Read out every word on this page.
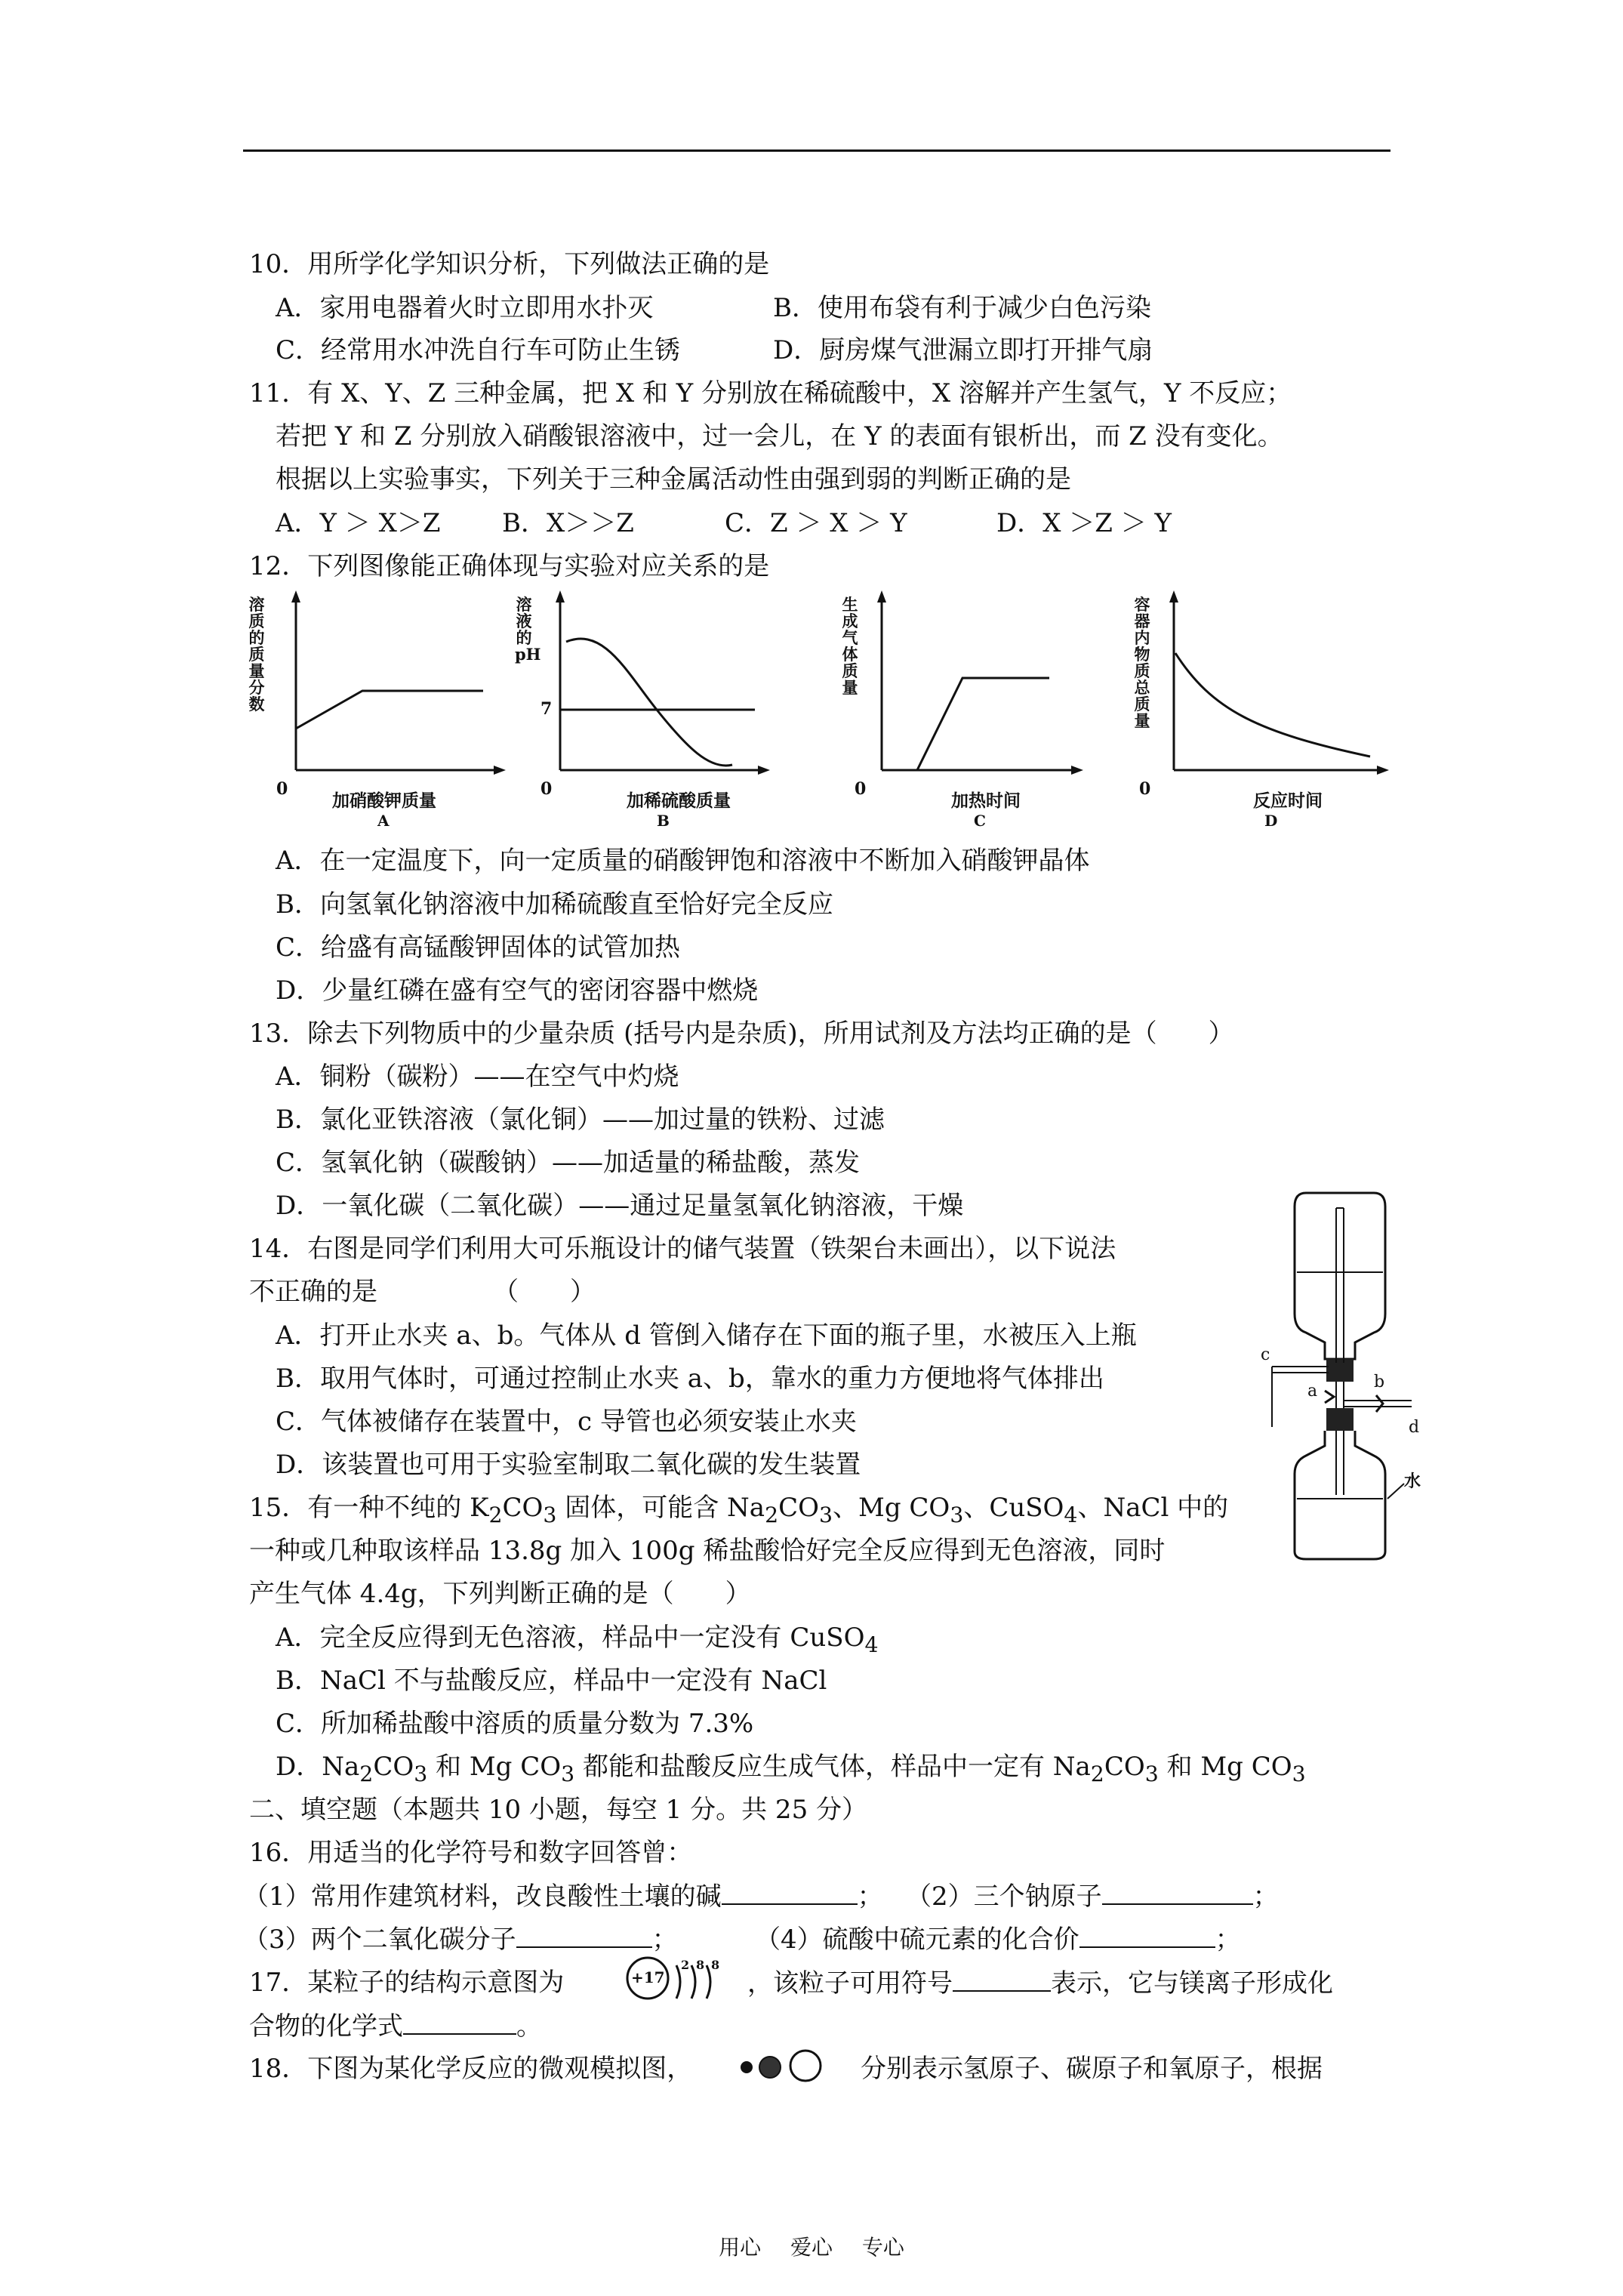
10．用所学化学知识分析，下列做法正确的是
A．家用电器着火时立即用水扑灭	B．使用布袋有利于减少白色污染
C．经常用水冲洗自行车可防止生锈	D．厨房煤气泄漏立即打开排气扇
11．有 X、Y、Z 三种金属，把 X 和 Y 分别放在稀硫酸中，X 溶解并产生氢气，Y 不反应；
若把 Y 和 Z 分别放入硝酸银溶液中，过一会儿，在 Y 的表面有银析出，而 Z 没有变化。
根据以上实验事实，下列关于三种金属活动性由强到弱的判断正确的是
A．Y ＞ X＞Z B．X＞＞Z	C．Z ＞ X ＞ Y	D．X ＞Z ＞ Y
12．下列图像能正确体现与实验对应关系的是
溶质的质量分数
0
加硝酸钾质量
A
溶液的pH
7
0
加稀硫酸质量
B
生成气体质量
0
加热时间
C
容器内物质总质量
0
反应时间
D
A．在一定温度下，向一定质量的硝酸钾饱和溶液中不断加入硝酸钾晶体
B．向氢氧化钠溶液中加稀硫酸直至恰好完全反应
C．给盛有高锰酸钾固体的试管加热
D．少量红磷在盛有空气的密闭容器中燃烧
13．除去下列物质中的少量杂质 (括号内是杂质)，所用试剂及方法均正确的是（　　）
A．铜粉（碳粉）——在空气中灼烧
B．氯化亚铁溶液（氯化铜）——加过量的铁粉、过滤
C．氢氧化钠（碳酸钠）——加适量的稀盐酸，蒸发
D．一氧化碳（二氧化碳）——通过足量氢氧化钠溶液，干燥
14．右图是同学们利用大可乐瓶设计的储气装置（铁架台未画出），以下说法
不正确的是　　　　　（　　）
A．打开止水夹 a、b。气体从 d 管倒入储存在下面的瓶子里，水被压入上瓶
B．取用气体时，可通过控制止水夹 a、b，靠水的重力方便地将气体排出
C．气体被储存在装置中，c 导管也必须安装止水夹
D．该装置也可用于实验室制取二氧化碳的发生装置
c
a	b
d
水
15．有一种不纯的 $K_2CO_3$ 固体，可能含 $Na_2CO_3$、Mg $CO_3$、CuSO$_4$、NaCl 中的
一种或几种取该样品 13.8g 加入 100g 稀盐酸恰好完全反应得到无色溶液，同时
产生气体 4.4g，下列判断正确的是（　　）
A．完全反应得到无色溶液，样品中一定没有 CuSO$_4$
B．NaCl 不与盐酸反应，样品中一定没有 NaCl
C．所加稀盐酸中溶质的质量分数为 7.3%
D．$Na_2CO_3$ 和 Mg $CO_3$ 都能和盐酸反应生成气体，样品中一定有 $Na_2CO_3$ 和 Mg $CO_3$
二、填空题（本题共 10 小题，每空 1 分。共 25 分）
16．用适当的化学符号和数字回答曾：
（1）常用作建筑材料，改良酸性土壤的碱	； （2）三个钠原子	；
（3）两个二氧化碳分子	；	（4）硫酸中硫元素的化合价	；
17．某粒子的结构示意图为	+17
2 8 8
，该粒子可用符号	表示，它与镁离子形成化
合物的化学式	。
18．下图为某化学反应的微观模拟图，	分别表示氢原子、碳原子和氧原子，根据
用心 爱心 专心
